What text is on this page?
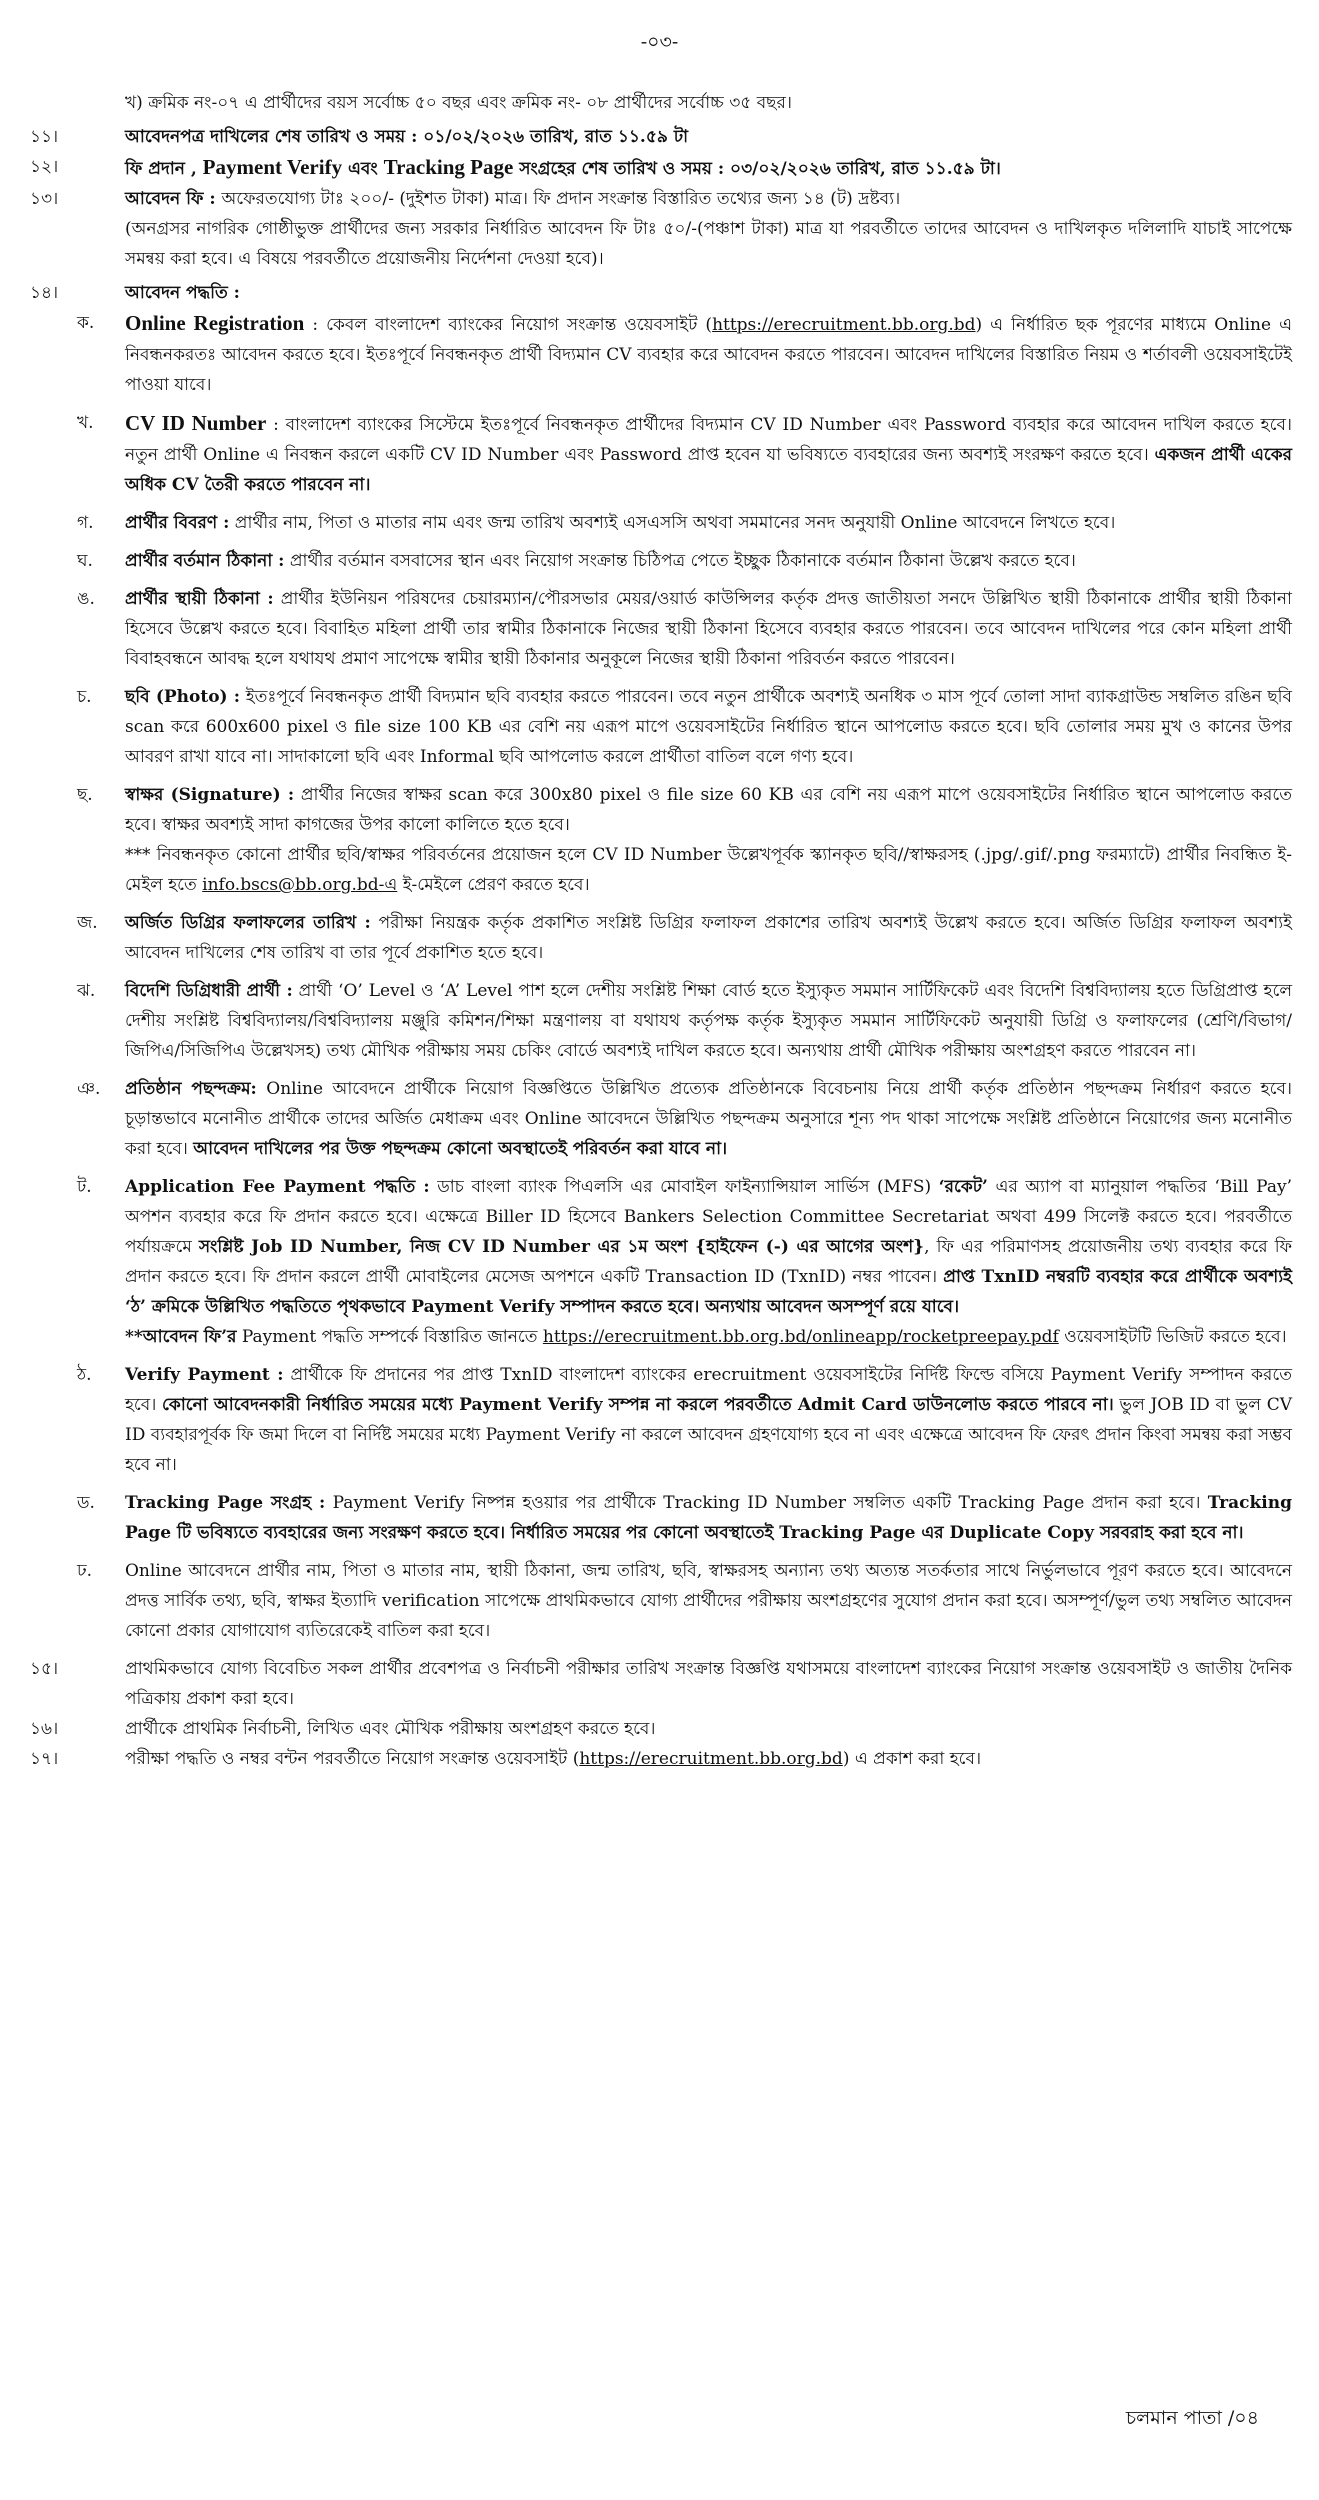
-০৩-
খ) ক্রমিক নং-০৭ এ প্রার্থীদের বয়স সর্বোচ্চ ৫০ বছর এবং ক্রমিক নং- ০৮ প্রার্থীদের সর্বোচ্চ ৩৫ বছর।
১১।	আবেদনপত্র দাখিলের শেষ তারিখ ও সময় : ০১/০২/২০২৬ তারিখ, রাত ১১.৫৯ টা
১২।	ফি প্রদান , Payment Verify এবং Tracking Page সংগ্রহের শেষ তারিখ ও সময় : ০৩/০২/২০২৬ তারিখ, রাত ১১.৫৯ টা।
১৩।	আবেদন ফি : অফেরতযোগ্য টাঃ ২০০/- (দুইশত টাকা) মাত্র। ফি প্রদান সংক্রান্ত বিস্তারিত তথ্যের জন্য ১৪ (ট) দ্রষ্টব্য।
(অনগ্রসর নাগরিক গোষ্ঠীভুক্ত প্রার্থীদের জন্য সরকার নির্ধারিত আবেদন ফি টাঃ ৫০/-(পঞ্চাশ টাকা) মাত্র যা পরবর্তীতে তাদের আবেদন ও দাখিলকৃত দলিলাদি যাচাই সাপেক্ষে সমন্বয় করা হবে। এ বিষয়ে পরবর্তীতে প্রয়োজনীয় নির্দেশনা দেওয়া হবে)।
১৪।	আবেদন পদ্ধতি :
ক.	Online Registration : কেবল বাংলাদেশ ব্যাংকের নিয়োগ সংক্রান্ত ওয়েবসাইট (https://erecruitment.bb.org.bd) এ নির্ধারিত ছক পূরণের মাধ্যমে Online এ নিবন্ধনকরতঃ আবেদন করতে হবে। ইতঃপূর্বে নিবন্ধনকৃত প্রার্থী বিদ্যমান CV ব্যবহার করে আবেদন করতে পারবেন। আবেদন দাখিলের বিস্তারিত নিয়ম ও শর্তাবলী ওয়েবসাইটেই পাওয়া যাবে।
খ.	CV ID Number : বাংলাদেশ ব্যাংকের সিস্টেমে ইতঃপূর্বে নিবন্ধনকৃত প্রার্থীদের বিদ্যমান CV ID Number এবং Password ব্যবহার করে আবেদন দাখিল করতে হবে। নতুন প্রার্থী Online এ নিবন্ধন করলে একটি CV ID Number এবং Password প্রাপ্ত হবেন যা ভবিষ্যতে ব্যবহারের জন্য অবশ্যই সংরক্ষণ করতে হবে। একজন প্রার্থী একের অধিক CV তৈরী করতে পারবেন না।
গ.	প্রার্থীর বিবরণ : প্রার্থীর নাম, পিতা ও মাতার নাম এবং জন্ম তারিখ অবশ্যই এসএসসি অথবা সমমানের সনদ অনুযায়ী Online আবেদনে লিখতে হবে।
ঘ.	প্রার্থীর বর্তমান ঠিকানা : প্রার্থীর বর্তমান বসবাসের স্থান এবং নিয়োগ সংক্রান্ত চিঠিপত্র পেতে ইচ্ছুক ঠিকানাকে বর্তমান ঠিকানা উল্লেখ করতে হবে।
ঙ.	প্রার্থীর স্থায়ী ঠিকানা : প্রার্থীর ইউনিয়ন পরিষদের চেয়ারম্যান/পৌরসভার মেয়র/ওয়ার্ড কাউন্সিলর কর্তৃক প্রদত্ত জাতীয়তা সনদে উল্লিখিত স্থায়ী ঠিকানাকে প্রার্থীর স্থায়ী ঠিকানা হিসেবে উল্লেখ করতে হবে। বিবাহিত মহিলা প্রার্থী তার স্বামীর ঠিকানাকে নিজের স্থায়ী ঠিকানা হিসেবে ব্যবহার করতে পারবেন। তবে আবেদন দাখিলের পরে কোন মহিলা প্রার্থী বিবাহবন্ধনে আবদ্ধ হলে যথাযথ প্রমাণ সাপেক্ষে স্বামীর স্থায়ী ঠিকানার অনুকূলে নিজের স্থায়ী ঠিকানা পরিবর্তন করতে পারবেন।
চ.	ছবি (Photo) : ইতঃপূর্বে নিবন্ধনকৃত প্রার্থী বিদ্যমান ছবি ব্যবহার করতে পারবেন। তবে নতুন প্রার্থীকে অবশ্যই অনধিক ৩ মাস পূর্বে তোলা সাদা ব্যাকগ্রাউন্ড সম্বলিত রঙিন ছবি scan করে 600x600 pixel ও file size 100 KB এর বেশি নয় এরূপ মাপে ওয়েবসাইটের নির্ধারিত স্থানে আপলোড করতে হবে। ছবি তোলার সময় মুখ ও কানের উপর আবরণ রাখা যাবে না। সাদাকালো ছবি এবং Informal ছবি আপলোড করলে প্রার্থীতা বাতিল বলে গণ্য হবে।
ছ.	স্বাক্ষর (Signature) : প্রার্থীর নিজের স্বাক্ষর scan করে 300x80 pixel ও file size 60 KB এর বেশি নয় এরূপ মাপে ওয়েবসাইটের নির্ধারিত স্থানে আপলোড করতে হবে। স্বাক্ষর অবশ্যই সাদা কাগজের উপর কালো কালিতে হতে হবে।
*** নিবন্ধনকৃত কোনো প্রার্থীর ছবি/স্বাক্ষর পরিবর্তনের প্রয়োজন হলে CV ID Number উল্লেখপূর্বক স্ক্যানকৃত ছবি//স্বাক্ষরসহ (.jpg/.gif/.png ফরম্যাটে) প্রার্থীর নিবন্ধিত ই-মেইল হতে info.bscs@bb.org.bd-এ ই-মেইলে প্রেরণ করতে হবে।
জ.	অর্জিত ডিগ্রির ফলাফলের তারিখ : পরীক্ষা নিয়ন্ত্রক কর্তৃক প্রকাশিত সংশ্লিষ্ট ডিগ্রির ফলাফল প্রকাশের তারিখ অবশ্যই উল্লেখ করতে হবে। অর্জিত ডিগ্রির ফলাফল অবশ্যই আবেদন দাখিলের শেষ তারিখ বা তার পূর্বে প্রকাশিত হতে হবে।
ঝ.	বিদেশি ডিগ্রিধারী প্রার্থী : প্রার্থী ‘O’ Level ও ‘A’ Level পাশ হলে দেশীয় সংশ্লিষ্ট শিক্ষা বোর্ড হতে ইস্যুকৃত সমমান সার্টিফিকেট এবং বিদেশি বিশ্ববিদ্যালয় হতে ডিগ্রিপ্রাপ্ত হলে দেশীয় সংশ্লিষ্ট বিশ্ববিদ্যালয়/বিশ্ববিদ্যালয় মঞ্জুরি কমিশন/শিক্ষা মন্ত্রণালয় বা যথাযথ কর্তৃপক্ষ কর্তৃক ইস্যুকৃত সমমান সার্টিফিকেট অনুযায়ী ডিগ্রি ও ফলাফলের (শ্রেণি/বিভাগ/জিপিএ/সিজিপিএ উল্লেখসহ) তথ্য মৌখিক পরীক্ষায় সময় চেকিং বোর্ডে অবশ্যই দাখিল করতে হবে। অন্যথায় প্রার্থী মৌখিক পরীক্ষায় অংশগ্রহণ করতে পারবেন না।
ঞ.	প্রতিষ্ঠান পছন্দক্রম: Online আবেদনে প্রার্থীকে নিয়োগ বিজ্ঞপ্তিতে উল্লিখিত প্রত্যেক প্রতিষ্ঠানকে বিবেচনায় নিয়ে প্রার্থী কর্তৃক প্রতিষ্ঠান পছন্দক্রম নির্ধারণ করতে হবে। চূড়ান্তভাবে মনোনীত প্রার্থীকে তাদের অর্জিত মেধাক্রম এবং Online আবেদনে উল্লিখিত পছন্দক্রম অনুসারে শূন্য পদ থাকা সাপেক্ষে সংশ্লিষ্ট প্রতিষ্ঠানে নিয়োগের জন্য মনোনীত করা হবে। আবেদন দাখিলের পর উক্ত পছন্দক্রম কোনো অবস্থাতেই পরিবর্তন করা যাবে না।
ট.	Application Fee Payment পদ্ধতি : ডাচ বাংলা ব্যাংক পিএলসি এর মোবাইল ফাইন্যান্সিয়াল সার্ভিস (MFS) ‘রকেট’ এর অ্যাপ বা ম্যানুয়াল পদ্ধতির ‘Bill Pay’ অপশন ব্যবহার করে ফি প্রদান করতে হবে। এক্ষেত্রে Biller ID হিসেবে Bankers Selection Committee Secretariat অথবা 499 সিলেক্ট করতে হবে। পরবর্তীতে পর্যায়ক্রমে সংশ্লিষ্ট Job ID Number, নিজ CV ID Number এর ১ম অংশ {হাইফেন (-) এর আগের অংশ}, ফি এর পরিমাণসহ প্রয়োজনীয় তথ্য ব্যবহার করে ফি প্রদান করতে হবে। ফি প্রদান করলে প্রার্থী মোবাইলের মেসেজ অপশনে একটি Transaction ID (TxnID) নম্বর পাবেন। প্রাপ্ত TxnID নম্বরটি ব্যবহার করে প্রার্থীকে অবশ্যই ‘ঠ’ ক্রমিকে উল্লিখিত পদ্ধতিতে পৃথকভাবে Payment Verify সম্পাদন করতে হবে। অন্যথায় আবেদন অসম্পূর্ণ রয়ে যাবে।
**আবেদন ফি’র Payment পদ্ধতি সম্পর্কে বিস্তারিত জানতে https://erecruitment.bb.org.bd/onlineapp/rocketpreepay.pdf ওয়েবসাইটটি ভিজিট করতে হবে।
ঠ.	Verify Payment : প্রার্থীকে ফি প্রদানের পর প্রাপ্ত TxnID বাংলাদেশ ব্যাংকের erecruitment ওয়েবসাইটের নির্দিষ্ট ফিল্ডে বসিয়ে Payment Verify সম্পাদন করতে হবে। কোনো আবেদনকারী নির্ধারিত সময়ের মধ্যে Payment Verify সম্পন্ন না করলে পরবর্তীতে Admit Card ডাউনলোড করতে পারবে না। ভুল JOB ID বা ভুল CV ID ব্যবহারপূর্বক ফি জমা দিলে বা নির্দিষ্ট সময়ের মধ্যে Payment Verify না করলে আবেদন গ্রহণযোগ্য হবে না এবং এক্ষেত্রে আবেদন ফি ফেরৎ প্রদান কিংবা সমন্বয় করা সম্ভব হবে না।
ড.	Tracking Page সংগ্রহ : Payment Verify নিষ্পন্ন হওয়ার পর প্রার্থীকে Tracking ID Number সম্বলিত একটি Tracking Page প্রদান করা হবে। Tracking Page টি ভবিষ্যতে ব্যবহারের জন্য সংরক্ষণ করতে হবে। নির্ধারিত সময়ের পর কোনো অবস্থাতেই Tracking Page এর Duplicate Copy সরবরাহ করা হবে না।
ঢ.	Online আবেদনে প্রার্থীর নাম, পিতা ও মাতার নাম, স্থায়ী ঠিকানা, জন্ম তারিখ, ছবি, স্বাক্ষরসহ অন্যান্য তথ্য অত্যন্ত সতর্কতার সাথে নির্ভুলভাবে পূরণ করতে হবে। আবেদনে প্রদত্ত সার্বিক তথ্য, ছবি, স্বাক্ষর ইত্যাদি verification সাপেক্ষে প্রাথমিকভাবে যোগ্য প্রার্থীদের পরীক্ষায় অংশগ্রহণের সুযোগ প্রদান করা হবে। অসম্পূর্ণ/ভুল তথ্য সম্বলিত আবেদন কোনো প্রকার যোগাযোগ ব্যতিরেকেই বাতিল করা হবে।
১৫।	প্রাথমিকভাবে যোগ্য বিবেচিত সকল প্রার্থীর প্রবেশপত্র ও নির্বাচনী পরীক্ষার তারিখ সংক্রান্ত বিজ্ঞপ্তি যথাসময়ে বাংলাদেশ ব্যাংকের নিয়োগ সংক্রান্ত ওয়েবসাইট ও জাতীয় দৈনিক পত্রিকায় প্রকাশ করা হবে।
১৬।	প্রার্থীকে প্রাথমিক নির্বাচনী, লিখিত এবং মৌখিক পরীক্ষায় অংশগ্রহণ করতে হবে।
১৭।	পরীক্ষা পদ্ধতি ও নম্বর বন্টন পরবর্তীতে নিয়োগ সংক্রান্ত ওয়েবসাইট (https://erecruitment.bb.org.bd) এ প্রকাশ করা হবে।
চলমান পাতা /০৪
